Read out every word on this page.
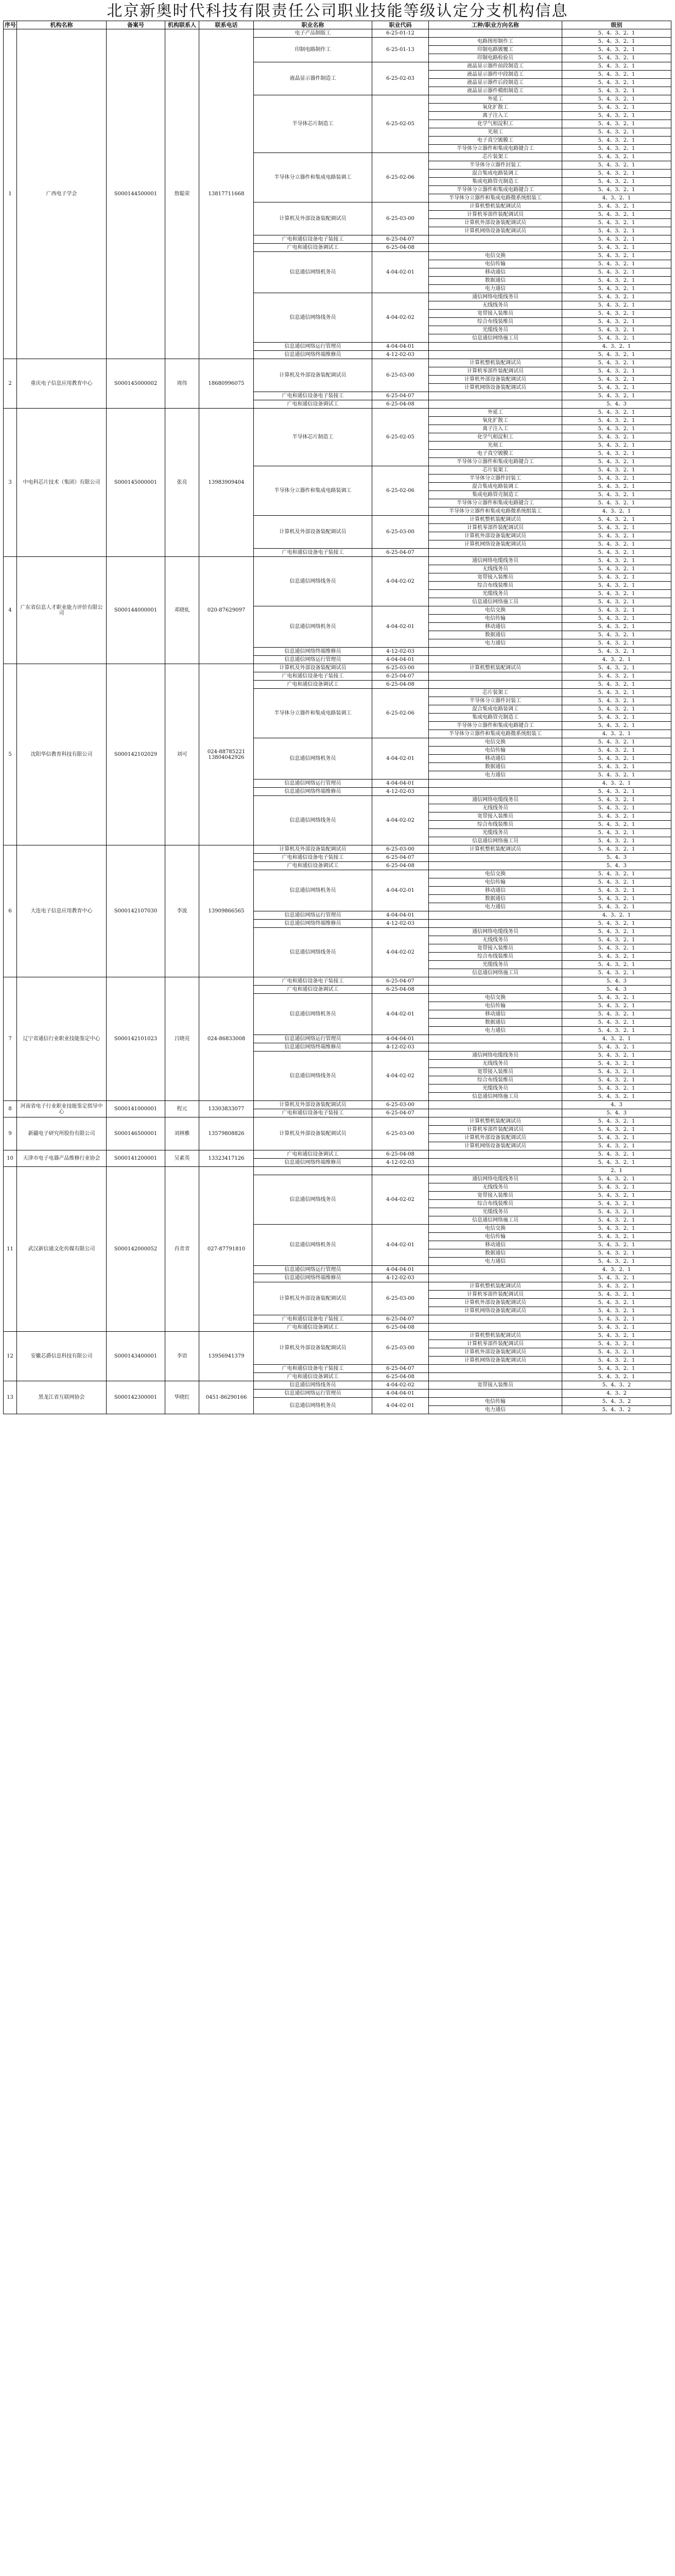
北京新奥时代科技有限责任公司职业技能等级认定分支机构信息
序号	机构名称	备案号	机构联系人	联系电话	职业名称	职业代码	工种/职业方向名称	级别
1	广西电子学会	S000144500001	詹聪荣	13817711668	电子产品制版工	6-25-01-12		5、4、3、2、1
					印制电路制作工	6-25-01-13	电路图形制作工	5、4、3、2、1
							印制电路镀覆工	5、4、3、2、1
							印制电路检验员	5、4、3、2、1
					液晶显示器件制造工	6-25-02-03	液晶显示器件前段制造工	5、4、3、2、1
							液晶显示器件中段制造工	5、4、3、2、1
							液晶显示器件后段制造工	5、4、3、2、1
							液晶显示器件模组制造工	5、4、3、2、1
					半导体芯片制造工	6-25-02-05	外延工	5、4、3、2、1
							氧化扩散工	5、4、3、2、1
							离子注入工	5、4、3、2、1
							化学气相淀积工	5、4、3、2、1
							光刻工	5、4、3、2、1
							电子真空镀膜工	5、4、3、2、1
							半导体分立器件和集成电路键合工	5、4、3、2、1
					半导体分立器件和集成电路装调工	6-25-02-06	芯片装架工	5、4、3、2、1
							半导体分立器件封装工	5、4、3、2、1
							混合集成电路装调工	5、4、3、2、1
							集成电路管壳制造工	5、4、3、2、1
							半导体分立器件和集成电路键合工	5、4、3、2、1
							半导体分立器件和集成电路微系统组装工	4、3、2、1
					计算机及外部设备装配调试员	6-25-03-00	计算机整机装配调试员	5、4、3、2、1
							计算机零部件装配调试员	5、4、3、2、1
							计算机外部设备装配调试员	5、4、3、2、1
							计算机网络设备装配调试员	5、4、3、2、1
					广电和通信设备电子装接工	6-25-04-07		5、4、3、2、1
					广电和通信设备调试工	6-25-04-08		5、4、3、2、1
					信息通信网络机务员	4-04-02-01	电信交换	5、4、3、2、1
							电信传输	5、4、3、2、1
							移动通信	5、4、3、2、1
							数据通信	5、4、3、2、1
							电力通信	5、4、3、2、1
					信息通信网络线务员	4-04-02-02	通信网络电缆线务员	5、4、3、2、1
							无线线务员	5、4、3、2、1
							宽带接入装维员	5、4、3、2、1
							综合布线装维员	5、4、3、2、1
							光缆线务员	5、4、3、2、1
							信息通信网络施工员	5、4、3、2、1
					信息通信网络运行管理员	4-04-04-01		4、3、2、1
					信息通信网络终端维修员	4-12-02-03		5、4、3、2、1
2	重庆电子信息应用教育中心	S000145000002	周伟	18680996075	计算机及外部设备装配调试员	6-25-03-00	计算机整机装配调试员	5、4、3、2、1
							计算机零部件装配调试员	5、4、3、2、1
							计算机外部设备装配调试员	5、4、3、2、1
							计算机网络设备装配调试员	5、4、3、2、1
					广电和通信设备电子装接工	6-25-04-07		5、4、3、2、1
					广电和通信设备调试工	6-25-04-08		5、4、3
3	中电科芯片技术（集团）有限公司	S000145000001	张亮	13983909404	半导体芯片制造工	6-25-02-05	外延工	5、4、3、2、1
							氧化扩散工	5、4、3、2、1
							离子注入工	5、4、3、2、1
							化学气相淀积工	5、4、3、2、1
							光刻工	5、4、3、2、1
							电子真空镀膜工	5、4、3、2、1
							半导体分立器件和集成电路键合工	5、4、3、2、1
					半导体分立器件和集成电路装调工	6-25-02-06	芯片装架工	5、4、3、2、1
							半导体分立器件封装工	5、4、3、2、1
							混合集成电路装调工	5、4、3、2、1
							集成电路管壳制造工	5、4、3、2、1
							半导体分立器件和集成电路键合工	5、4、3、2、1
							半导体分立器件和集成电路微系统组装工	4、3、2、1
					计算机及外部设备装配调试员	6-25-03-00	计算机整机装配调试员	5、4、3、2、1
							计算机零部件装配调试员	5、4、3、2、1
							计算机外部设备装配调试员	5、4、3、2、1
							计算机网络设备装配调试员	5、4、3、2、1
					广电和通信设备电子装接工	6-25-04-07		5、4、3、2、1
4	广东省信息人才职业能力评价有限公司	S000144000001	邓晓轧	020-87629097	信息通信网络线务员	4-04-02-02	通信网络电缆线务员	5、4、3、2、1
							无线线务员	5、4、3、2、1
							宽带接入装维员	5、4、3、2、1
							综合布线装维员	5、4、3、2、1
							光缆线务员	5、4、3、2、1
							信息通信网络施工员	5、4、3、2、1
					信息通信网络机务员	4-04-02-01	电信交换	5、4、3、2、1
							电信传输	5、4、3、2、1
							移动通信	5、4、3、2、1
							数据通信	5、4、3、2、1
							电力通信	5、4、3、2、1
					信息通信网络终端维修员	4-12-02-03		5、4、3、2、1
					信息通信网络运行管理员	4-04-04-01		4、3、2、1
5	沈阳华信教育科技有限公司	S000142102029	刘可	024-88785221 13804042926	计算机及外部设备装配调试员	6-25-03-00	计算机整机装配调试员	5、4、3、2、1
					广电和通信设备电子装接工	6-25-04-07		5、4、3、2、1
					广电和通信设备调试工	6-25-04-08		5、4、3、2、1
					半导体分立器件和集成电路装调工	6-25-02-06	芯片装架工	5、4、3、2、1
							半导体分立器件封装工	5、4、3、2、1
							混合集成电路装调工	5、4、3、2、1
							集成电路管壳制造工	5、4、3、2、1
							半导体分立器件和集成电路键合工	5、4、3、2、1
							半导体分立器件和集成电路微系统组装工	4、3、2、1
					信息通信网络机务员	4-04-02-01	电信交换	5、4、3、2、1
							电信传输	5、4、3、2、1
							移动通信	5、4、3、2、1
							数据通信	5、4、3、2、1
							电力通信	5、4、3、2、1
					信息通信网络运行管理员	4-04-04-01		4、3、2、1
					信息通信网络终端维修员	4-12-02-03		5、4、3、2、1
					信息通信网络线务员	4-04-02-02	通信网络电缆线务员	5、4、3、2、1
							无线线务员	5、4、3、2、1
							宽带接入装维员	5、4、3、2、1
							综合布线装维员	5、4、3、2、1
							光缆线务员	5、4、3、2、1
							信息通信网络施工员	5、4、3、2、1
6	大连电子信息应用教育中心	S000142107030	李波	13909866565	计算机及外部设备装配调试员	6-25-03-00	计算机整机装配调试员	5、4、3、2、1
					广电和通信设备电子装接工	6-25-04-07		5、4、3
					广电和通信设备调试工	6-25-04-08		5、4、3
					信息通信网络机务员	4-04-02-01	电信交换	5、4、3、2、1
							电信传输	5、4、3、2、1
							移动通信	5、4、3、2、1
							数据通信	5、4、3、2、1
							电力通信	5、4、3、2、1
					信息通信网络运行管理员	4-04-04-01		4、3、2、1
					信息通信网络终端维修员	4-12-02-03		5、4、3、2、1
					信息通信网络线务员	4-04-02-02	通信网络电缆线务员	5、4、3、2、1
							无线线务员	5、4、3、2、1
							宽带接入装维员	5、4、3、2、1
							综合布线装维员	5、4、3、2、1
							光缆线务员	5、4、3、2、1
							信息通信网络施工员	5、4、3、2、1
7	辽宁省通信行业职业技能鉴定中心	S000142101023	吕晓亮	024-86833008	广电和通信设备电子装接工	6-25-04-07		5、4、3
					广电和通信设备调试工	6-25-04-08		5、4、3
					信息通信网络机务员	4-04-02-01	电信交换	5、4、3、2、1
							电信传输	5、4、3、2、1
							移动通信	5、4、3、2、1
							数据通信	5、4、3、2、1
							电力通信	5、4、3、2、1
					信息通信网络运行管理员	4-04-04-01		4、3、2、1
					信息通信网络终端维修员	4-12-02-03		5、4、3、2、1
					信息通信网络线务员	4-04-02-02	通信网络电缆线务员	5、4、3、2、1
							无线线务员	5、4、3、2、1
							宽带接入装维员	5、4、3、2、1
							综合布线装维员	5、4、3、2、1
							光缆线务员	5、4、3、2、1
							信息通信网络施工员	5、4、3、2、1
8	河南省电子行业职业技能鉴定指导中心	S000141000001	程元	13303833077	计算机及外部设备装配调试员	6-25-03-00		4、3
					广电和通信设备电子装接工	6-25-04-07		5、4、3
9	新疆电子研究所股份有限公司	S000146500001	刘林雅	13579808826	计算机及外部设备装配调试员	6-25-03-00	计算机整机装配调试员	5、4、3、2、1
							计算机零部件装配调试员	5、4、3、2、1
							计算机外部设备装配调试员	5、4、3、2、1
							计算机网络设备装配调试员	5、4、3、2、1
10	天津市电子电器产品维修行业协会	S000141200001	吴素英	13323417126	广电和通信设备调试工	6-25-04-08		5、4、3、2、1
					信息通信网络终端维修员	4-12-02-03		5、4、3、2、1
11	武汉新信通文化传媒有限公司	S000142000052	肖青青	027-87791810				2、1
					信息通信网络线务员	4-04-02-02	通信网络电缆线务员	5、4、3、2、1
							无线线务员	5、4、3、2、1
							宽带接入装维员	5、4、3、2、1
							综合布线装维员	5、4、3、2、1
							光缆线务员	5、4、3、2、1
							信息通信网络施工员	5、4、3、2、1
					信息通信网络机务员	4-04-02-01	电信交换	5、4、3、2、1
							电信传输	5、4、3、2、1
							移动通信	5、4、3、2、1
							数据通信	5、4、3、2、1
							电力通信	5、4、3、2、1
					信息通信网络运行管理员	4-04-04-01		4、3、2、1
					信息通信网络终端维修员	4-12-02-03		5、4、3、2、1
					计算机及外部设备装配调试员	6-25-03-00	计算机整机装配调试员	5、4、3、2、1
							计算机零部件装配调试员	5、4、3、2、1
							计算机外部设备装配调试员	5、4、3、2、1
							计算机网络设备装配调试员	5、4、3、2、1
					广电和通信设备电子装接工	6-25-04-07		5、4、3、2、1
					广电和通信设备调试工	6-25-04-08		5、4、3、2、1
12	安徽芯爵信息科技有限公司	S000143400001	李语	13956941379	计算机及外部设备装配调试员	6-25-03-00	计算机整机装配调试员	5、4、3、2、1
							计算机零部件装配调试员	5、4、3、2、1
							计算机外部设备装配调试员	5、4、3、2、1
							计算机网络设备装配调试员	5、4、3、2、1
					广电和通信设备电子装接工	6-25-04-07		5、4、3、2、1
					广电和通信设备调试工	6-25-04-08		5、4、3、2、1
13	黑龙江省互联网协会	S000142300001	华晓红	0451-86290166	信息通信网络线务员	4-04-02-02	宽带接入装维员	5、4、3、2
					信息通信网络运行管理员	4-04-04-01		4、3、2
					信息通信网络机务员	4-04-02-01	电信传输	5、4、3、2
							电力通信	5、4、3、2
